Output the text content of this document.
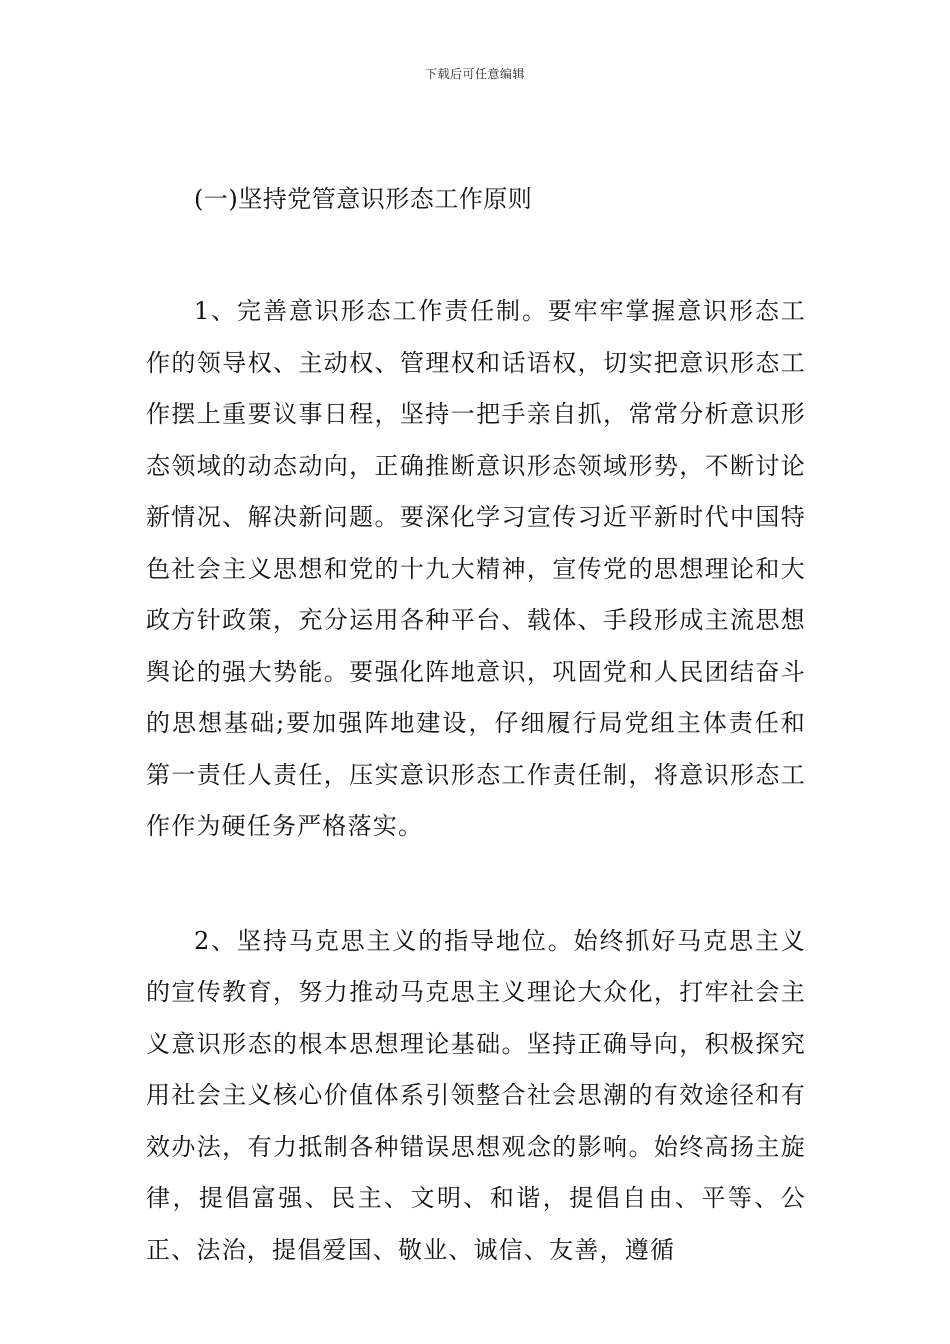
下载后可任意编辑
(一)坚持党管意识形态工作原则
1、完善意识形态工作责任制。要牢牢掌握意识形态工作的领导权、主动权、管理权和话语权，切实把意识形态工作摆上重要议事日程，坚持一把手亲自抓，常常分析意识形态领域的动态动向，正确推断意识形态领域形势，不断讨论新情况、解决新问题。要深化学习宣传习近平新时代中国特色社会主义思想和党的十九大精神，宣传党的思想理论和大政方针政策，充分运用各种平台、载体、手段形成主流思想舆论的强大势能。要强化阵地意识，巩固党和人民团结奋斗的思想基础;要加强阵地建设，仔细履行局党组主体责任和第一责任人责任，压实意识形态工作责任制，将意识形态工作作为硬任务严格落实。
2、坚持马克思主义的指导地位。始终抓好马克思主义的宣传教育，努力推动马克思主义理论大众化，打牢社会主义意识形态的根本思想理论基础。坚持正确导向，积极探究用社会主义核心价值体系引领整合社会思潮的有效途径和有效办法，有力抵制各种错误思想观念的影响。始终高扬主旋律，提倡富强、民主、文明、和谐，提倡自由、平等、公正、法治，提倡爱国、敬业、诚信、友善，遵循
